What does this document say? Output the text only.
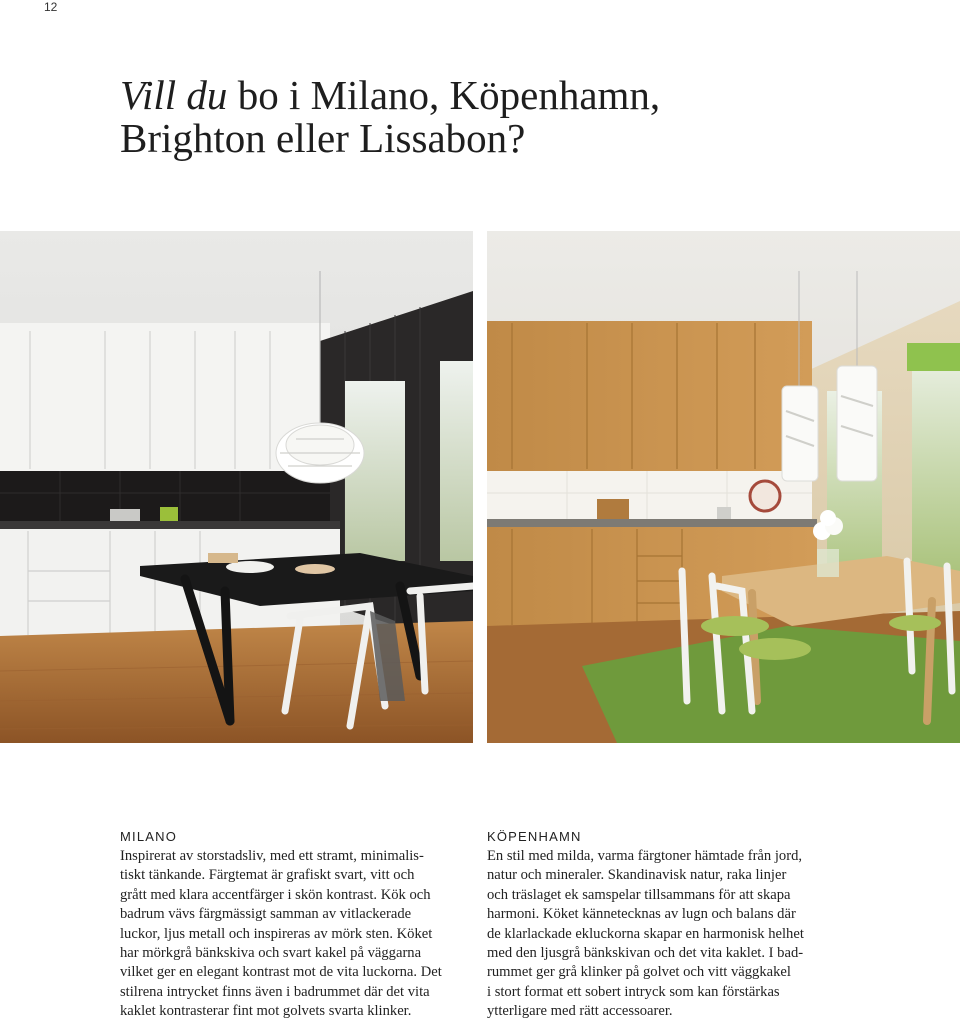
12
Vill du bo i Milano, Köpenhamn,
Brighton eller Lissabon?
MILANO

Inspirerat av storstadsliv, med ett stramt, minimalis-
tiskt tänkande. Färgtemat är grafiskt svart, vitt och
grått med klara accentfärger i skön kontrast. Kök och
badrum vävs färgmässigt samman av vitlackerade
luckor, ljus metall och inspireras av mörk sten. Köket
har mörkgrå bänkskiva och svart kakel på väggarna
vilket ger en elegant kontrast mot de vita luckorna. Det
stilrena intrycket finns även i badrummet där det vita
kaklet kontrasterar fint mot golvets svarta klinker.

KÖPENHAMN

En stil med milda, varma färgtoner hämtade från jord,
natur och mineraler. Skandinavisk natur, raka linjer
och träslaget ek samspelar tillsammans för att skapa
harmoni. Köket kännetecknas av lugn och balans där
de klarlackade ekluckorna skapar en harmonisk helhet
med den ljusgrå bänkskivan och det vita kaklet. I bad-
rummet ger grå klinker på golvet och vitt väggkakel
i stort format ett sobert intryck som kan förstärkas
ytterligare med rätt accessoarer.
